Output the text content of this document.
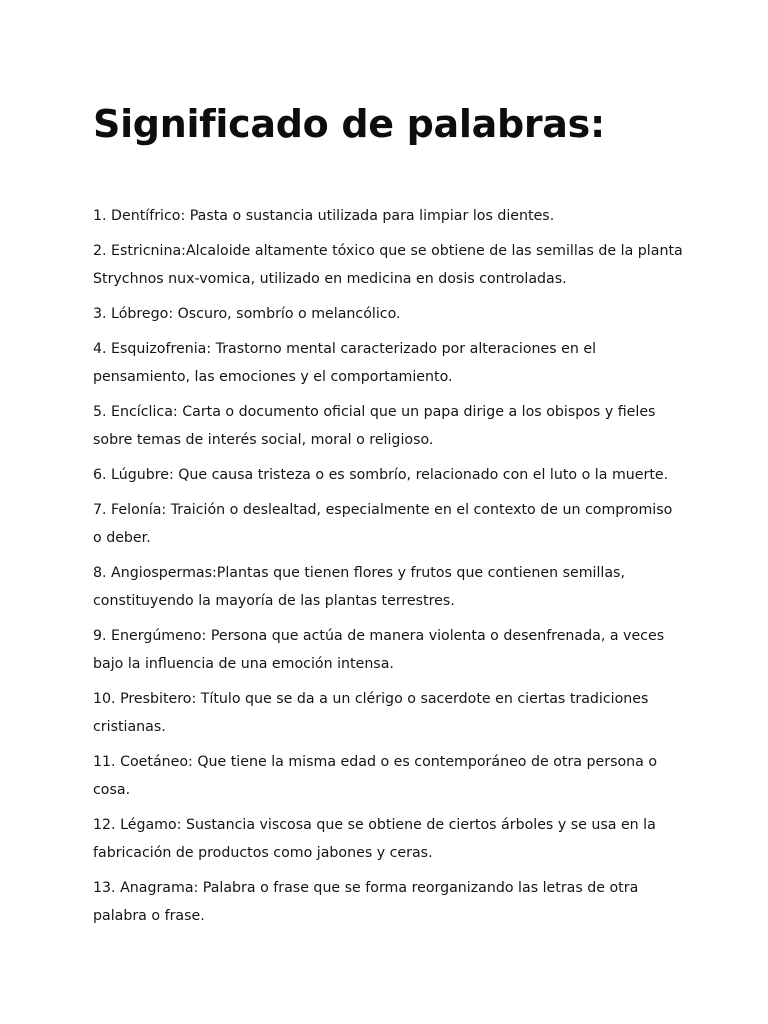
Significado de palabras:

1. Dentífrico: Pasta o sustancia utilizada para limpiar los dientes.

2. Estricnina:Alcaloide altamente tóxico que se obtiene de las semillas de la planta Strychnos nux-vomica, utilizado en medicina en dosis controladas.

3. Lóbrego: Oscuro, sombrío o melancólico.

4. Esquizofrenia: Trastorno mental caracterizado por alteraciones en el pensamiento, las emociones y el comportamiento.

5. Encíclica: Carta o documento oficial que un papa dirige a los obispos y fieles sobre temas de interés social, moral o religioso.

6. Lúgubre: Que causa tristeza o es sombrío, relacionado con el luto o la muerte.

7. Felonía: Traición o deslealtad, especialmente en el contexto de un compromiso o deber.

8. Angiospermas:Plantas que tienen flores y frutos que contienen semillas, constituyendo la mayoría de las plantas terrestres.

9. Energúmeno: Persona que actúa de manera violenta o desenfrenada, a veces bajo la influencia de una emoción intensa.

10. Presbitero: Título que se da a un clérigo o sacerdote en ciertas tradiciones cristianas.

11. Coetáneo: Que tiene la misma edad o es contemporáneo de otra persona o cosa.

12. Légamo: Sustancia viscosa que se obtiene de ciertos árboles y se usa en la fabricación de productos como jabones y ceras.

13. Anagrama: Palabra o frase que se forma reorganizando las letras de otra palabra o frase.
